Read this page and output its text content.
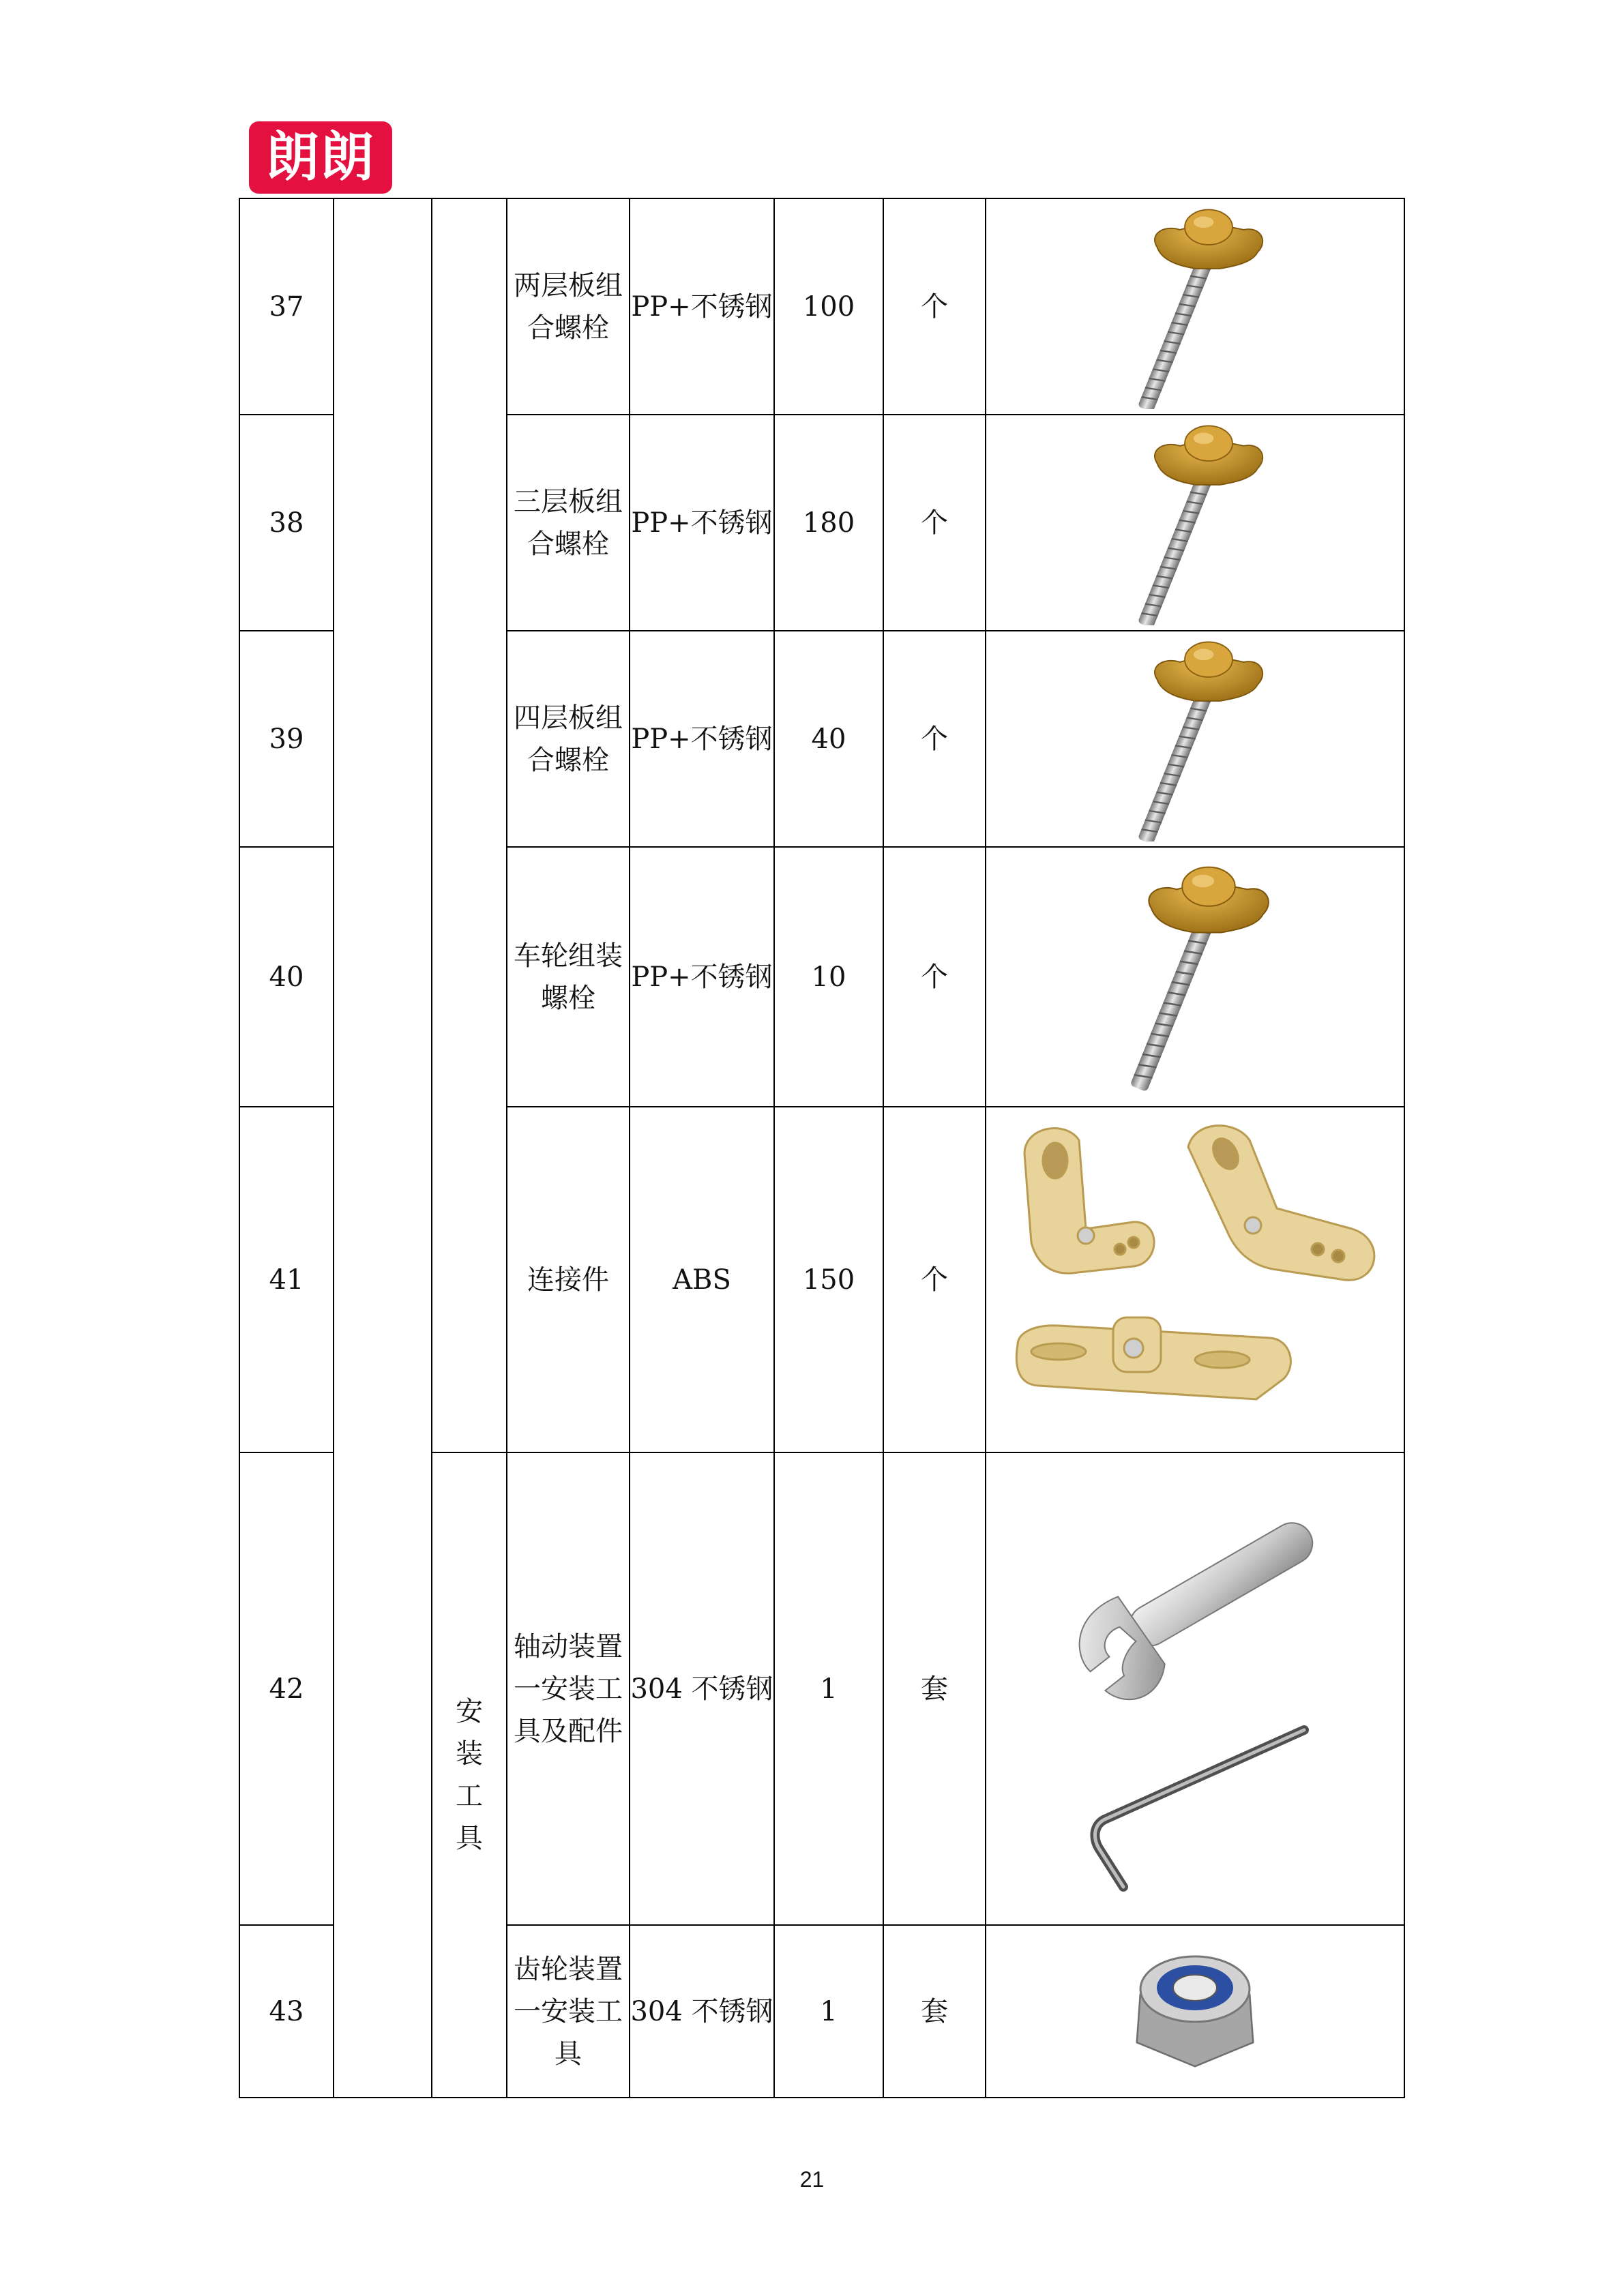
朗朗
37			两层板组合螺栓	PP+不锈钢	100	个	

38			三层板组合螺栓	PP+不锈钢	180	个	

39			四层板组合螺栓	PP+不锈钢	40	个	

40			车轮组装螺栓	PP+不锈钢	10	个	

41			连接件	ABS	150	个	

42		安装工具	轴动装置一安装工具及配件	304 不锈钢	1	套	

43			齿轮装置一安装工具	304 不锈钢	1	套	
21
